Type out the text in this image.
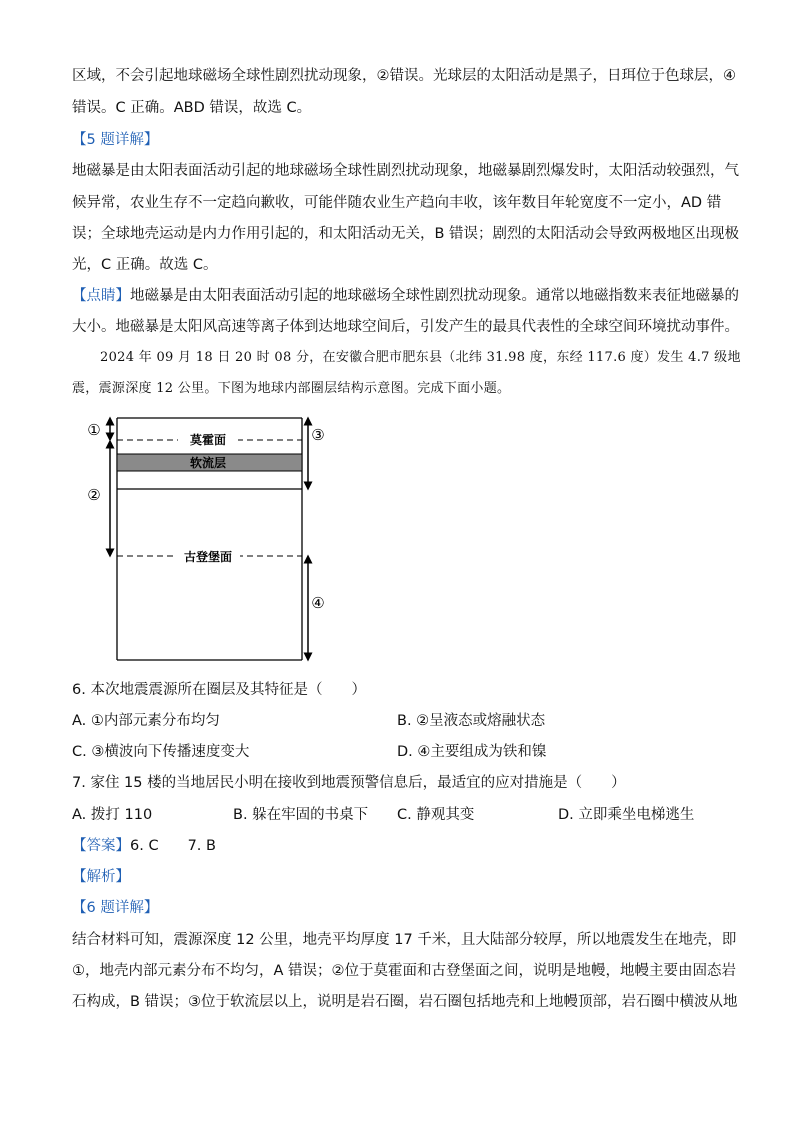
区域，不会引起地球磁场全球性剧烈扰动现象，②错误。光球层的太阳活动是黑子，日珥位于色球层，④
错误。C 正确。ABD 错误，故选 C。
【5 题详解】
地磁暴是由太阳表面活动引起的地球磁场全球性剧烈扰动现象，地磁暴剧烈爆发时，太阳活动较强烈，气
候异常，农业生存不一定趋向歉收，可能伴随农业生产趋向丰收，该年数目年轮宽度不一定小，AD 错
误；全球地壳运动是内力作用引起的，和太阳活动无关，B 错误；剧烈的太阳活动会导致两极地区出现极
光，C 正确。故选 C。
【点睛】地磁暴是由太阳表面活动引起的地球磁场全球性剧烈扰动现象。通常以地磁指数来表征地磁暴的
大小。地磁暴是太阳风高速等离子体到达地球空间后，引发产生的最具代表性的全球空间环境扰动事件。
2024 年 09 月 18 日 20 时 08 分，在安徽合肥市肥东县（北纬 31.98 度，东经 117.6 度）发生 4.7 级地
震，震源深度 12 公里。下图为地球内部圈层结构示意图。完成下面小题。
莫霍面
软流层
古登堡面
①
②
③
④
6. 本次地震震源所在圈层及其特征是（　　）
A. ①内部元素分布均匀	B. ②呈液态或熔融状态
C. ③横波向下传播速度变大	D. ④主要组成为铁和镍
7. 家住 15 楼的当地居民小明在接收到地震预警信息后，最适宜的应对措施是（　　）
A. 拨打 110	B. 躲在牢固的书桌下 C. 静观其变	D. 立即乘坐电梯逃生
【答案】6. C　　7. B
【解析】
【6 题详解】
结合材料可知，震源深度 12 公里，地壳平均厚度 17 千米，且大陆部分较厚，所以地震发生在地壳，即
①，地壳内部元素分布不均匀，A 错误；②位于莫霍面和古登堡面之间，说明是地幔，地幔主要由固态岩
石构成，B 错误；③位于软流层以上，说明是岩石圈，岩石圈包括地壳和上地幔顶部，岩石圈中横波从地
